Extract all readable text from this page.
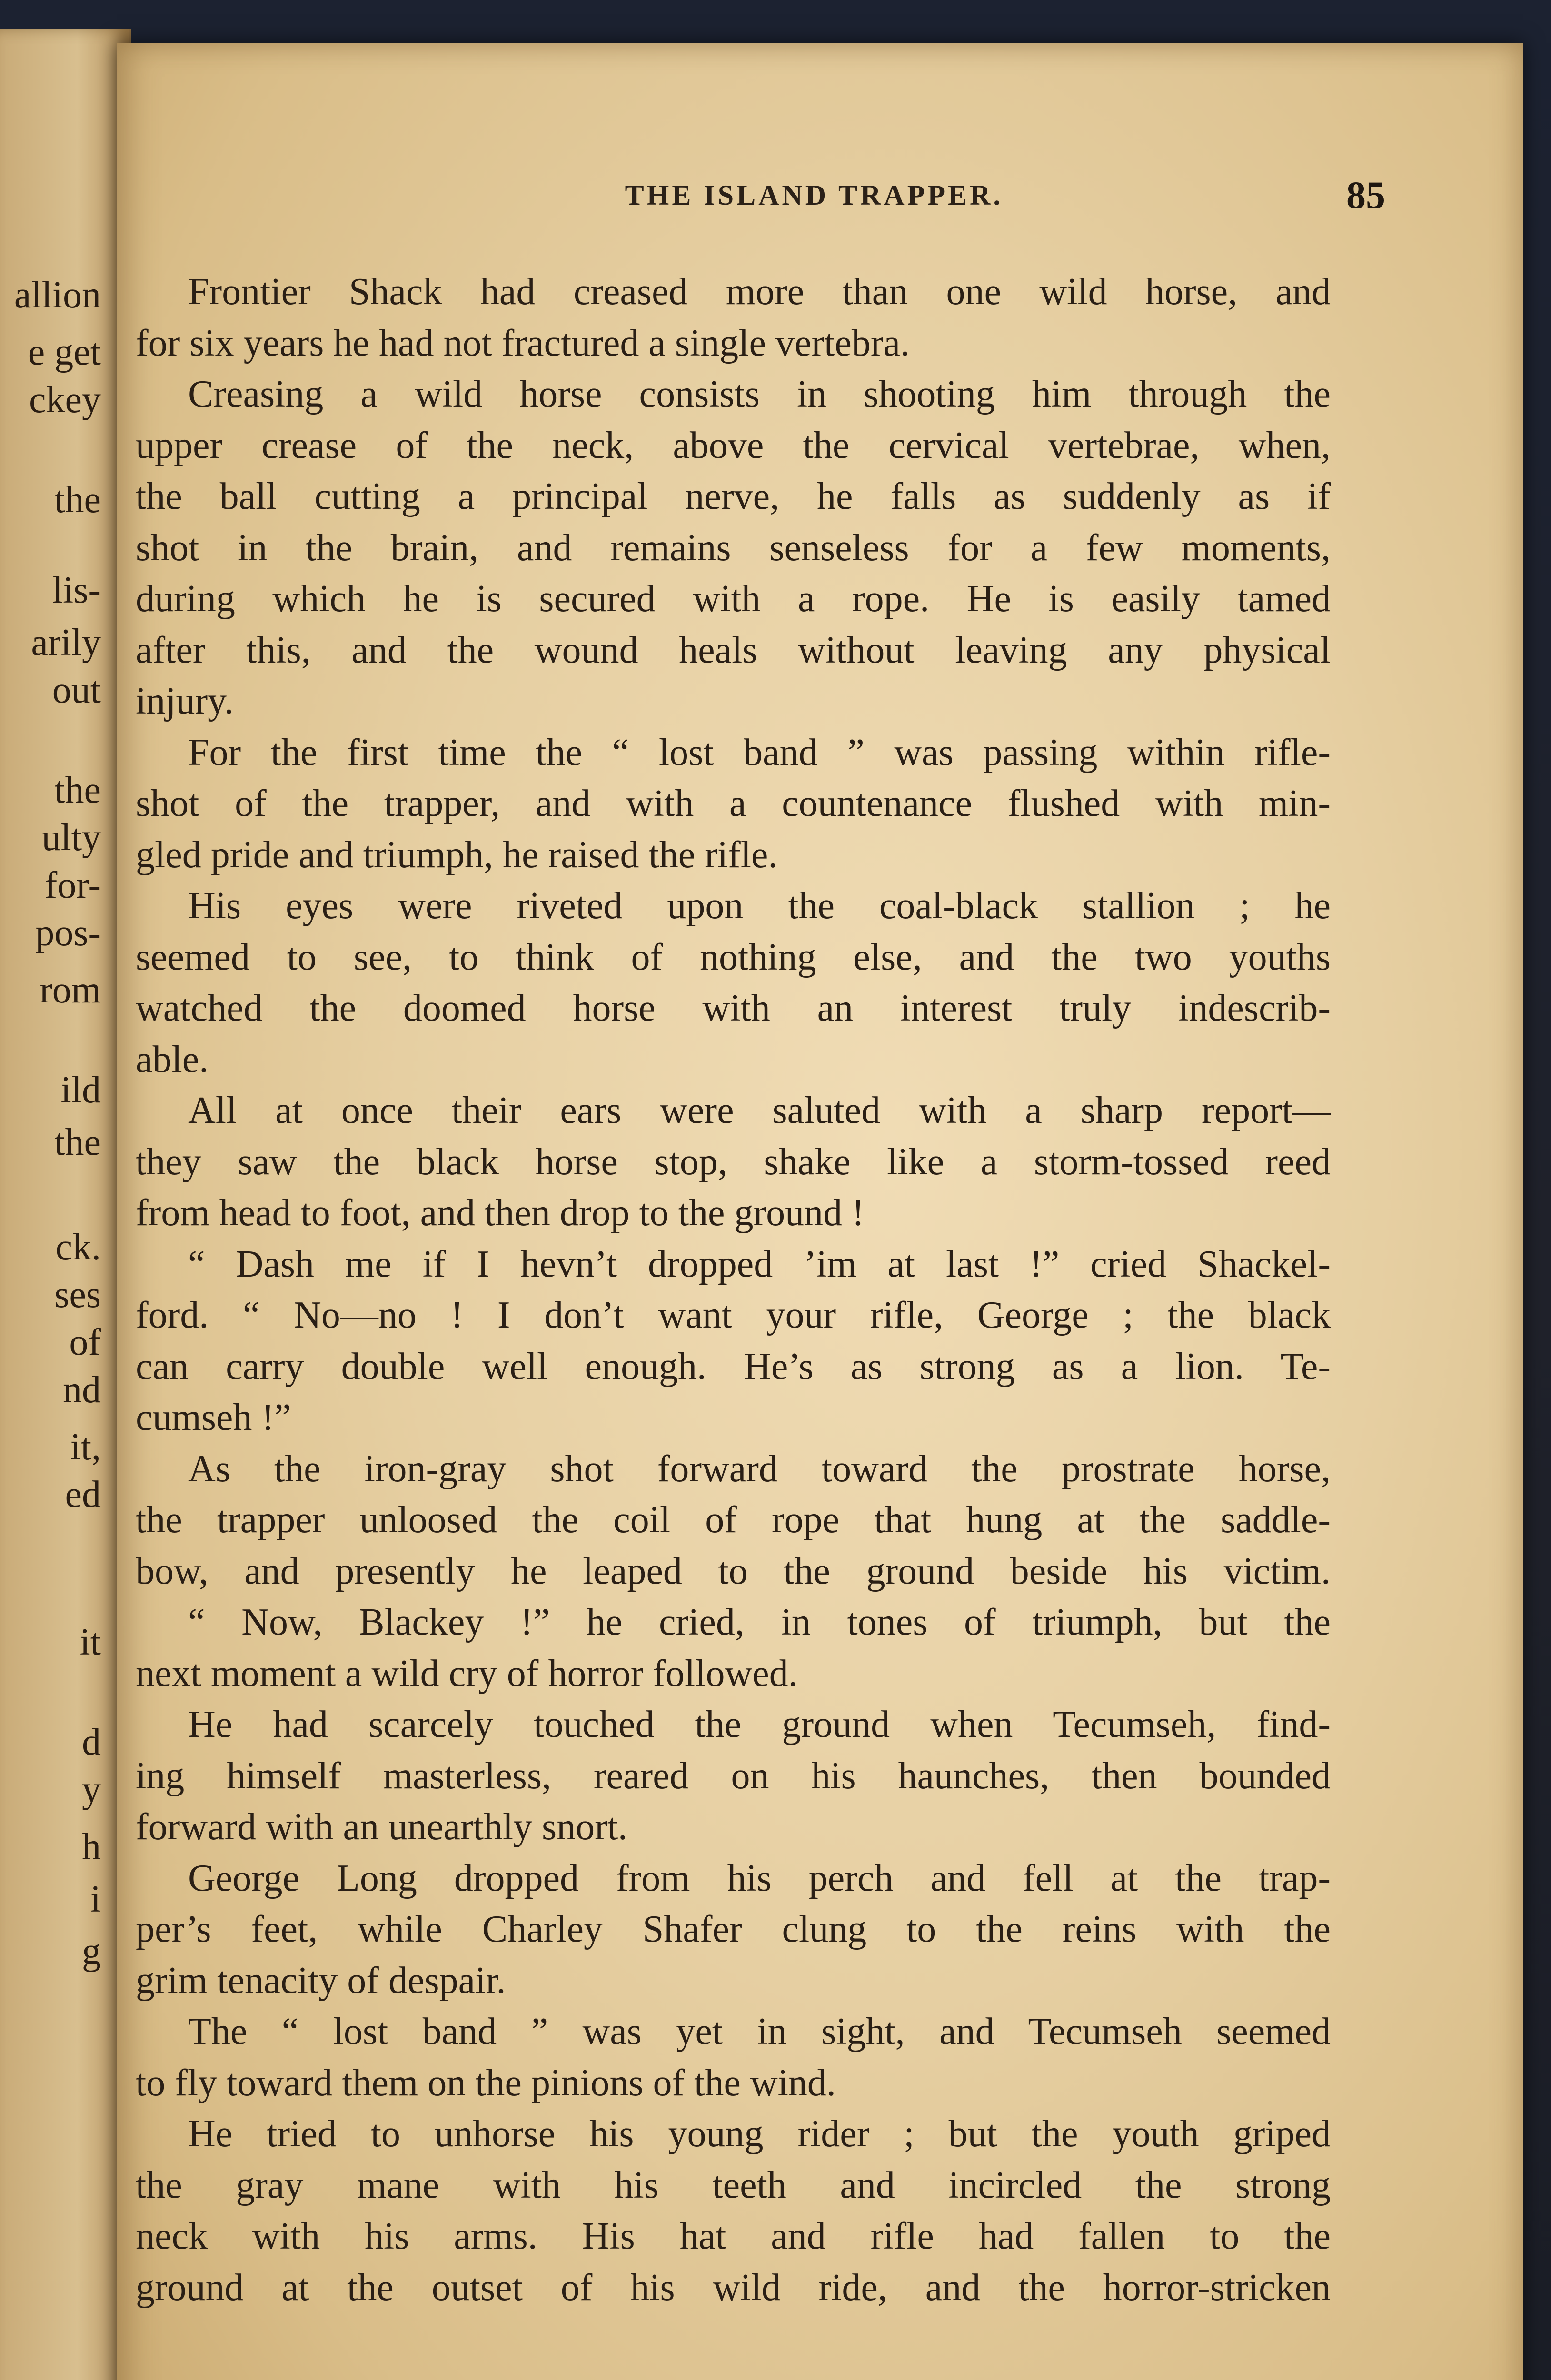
allion
e get
ckey
the
lis-
arily
out
the
ulty
for-
pos-
rom
ild
the
ck.
ses
of
nd
it,
ed
it
d
y
h
i
g
THE ISLAND TRAPPER.	85
Frontier Shack had creased more than one wild horse, and
for six years he had not fractured a single vertebra.
Creasing a wild horse consists in shooting him through the
upper crease of the neck, above the cervical vertebrae, when,
the ball cutting a principal nerve, he falls as suddenly as if
shot in the brain, and remains senseless for a few moments,
during which he is secured with a rope. He is easily tamed
after this, and the wound heals without leaving any physical
injury.
For the first time the “ lost band ” was passing within rifle-
shot of the trapper, and with a countenance flushed with min-
gled pride and triumph, he raised the rifle.
His eyes were riveted upon the coal-black stallion ; he
seemed to see, to think of nothing else, and the two youths
watched the doomed horse with an interest truly indescrib-
able.
All at once their ears were saluted with a sharp report—
they saw the black horse stop, shake like a storm-tossed reed
from head to foot, and then drop to the ground !
“ Dash me if I hevn’t dropped ’im at last !” cried Shackel-
ford. “ No—no ! I don’t want your rifle, George ; the black
can carry double well enough. He’s as strong as a lion. Te-
cumseh !”
As the iron-gray shot forward toward the prostrate horse,
the trapper unloosed the coil of rope that hung at the saddle-
bow, and presently he leaped to the ground beside his victim.
“ Now, Blackey !” he cried, in tones of triumph, but the
next moment a wild cry of horror followed.
He had scarcely touched the ground when Tecumseh, find-
ing himself masterless, reared on his haunches, then bounded
forward with an unearthly snort.
George Long dropped from his perch and fell at the trap-
per’s feet, while Charley Shafer clung to the reins with the
grim tenacity of despair.
The “ lost band ” was yet in sight, and Tecumseh seemed
to fly toward them on the pinions of the wind.
He tried to unhorse his young rider ; but the youth griped
the gray mane with his teeth and incircled the strong
neck with his arms. His hat and rifle had fallen to the
ground at the outset of his wild ride, and the horror-stricken
